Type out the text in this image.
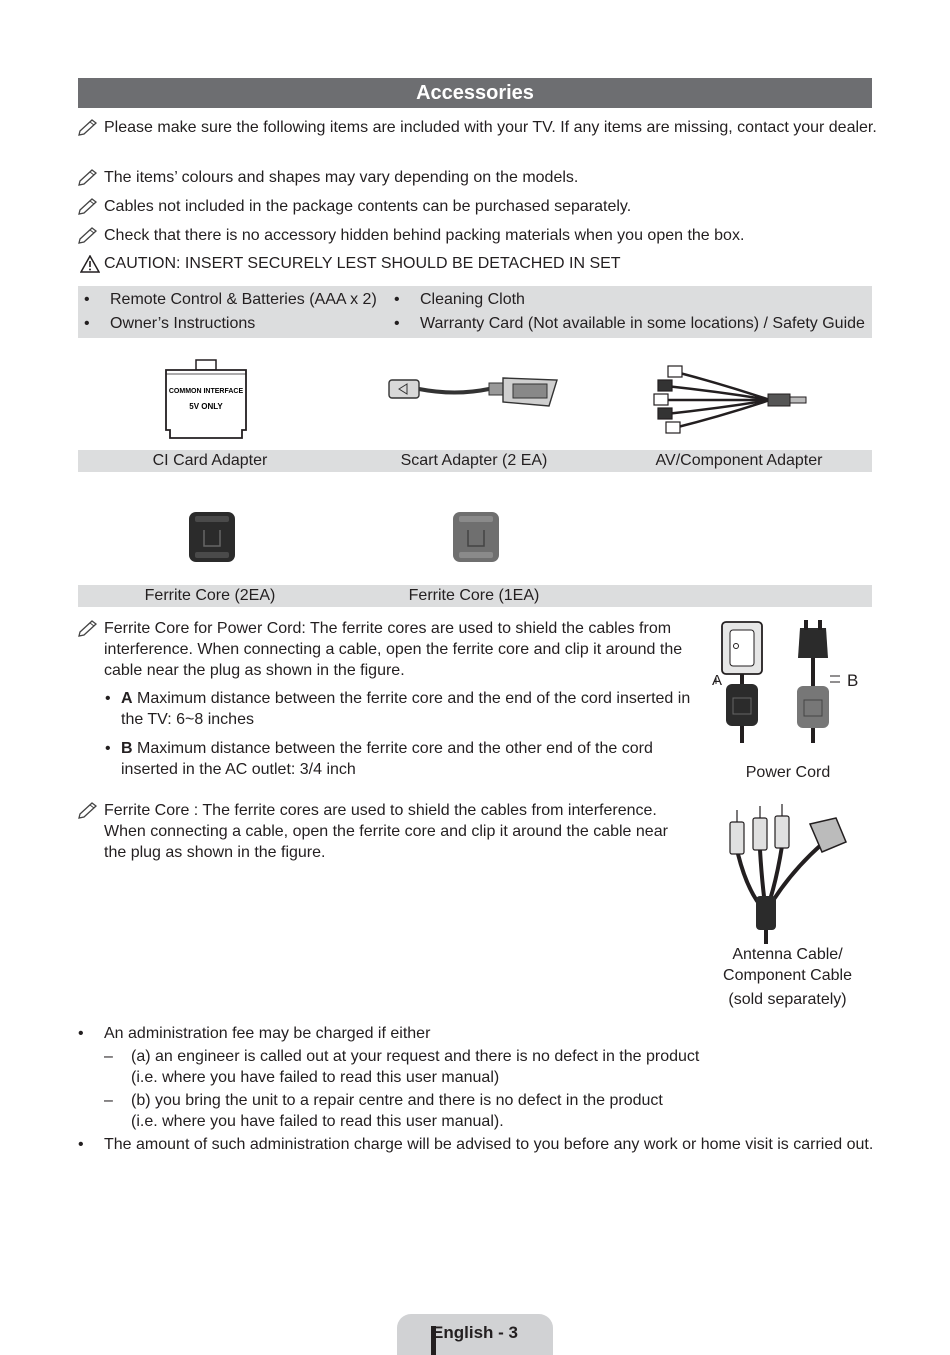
Accessories
Please make sure the following items are included with your TV. If any items are missing, contact your dealer.
The items’ colours and shapes may vary depending on the models.
Cables not included in the package contents can be purchased separately.
Check that there is no accessory hidden behind packing materials when you open the box.
CAUTION: INSERT SECURELY LEST SHOULD BE DETACHED IN SET
• Remote Control & Batteries (AAA x 2)
• Owner’s Instructions
• Cleaning Cloth
• Warranty Card (Not available in some locations) / Safety Guide
COMMON INTERFACE
5V ONLY
CI Card Adapter	Scart Adapter (2 EA)	AV/Component Adapter
Ferrite Core (2EA)	Ferrite Core (1EA)
Ferrite Core for Power Cord: The ferrite cores are used to shield the cables from interference. When connecting a cable, open the ferrite core and clip it around the cable near the plug as shown in the figure.
• A Maximum distance between the ferrite core and the end of the cord inserted in the TV: 6~8 inches
• B Maximum distance between the ferrite core and the other end of the cord inserted in the AC outlet: 3/4 inch
A	B
Power Cord
Ferrite Core : The ferrite cores are used to shield the cables from interference. When connecting a cable, open the ferrite core and clip it around the cable near the plug as shown in the figure.
Antenna Cable/
Component Cable
(sold separately)
• An administration fee may be charged if either
– (a) an engineer is called out at your request and there is no defect in the product (i.e. where you have failed to read this user manual)
– (b) you bring the unit to a repair centre and there is no defect in the product (i.e. where you have failed to read this user manual).
• The amount of such administration charge will be advised to you before any work or home visit is carried out.
English - 3
